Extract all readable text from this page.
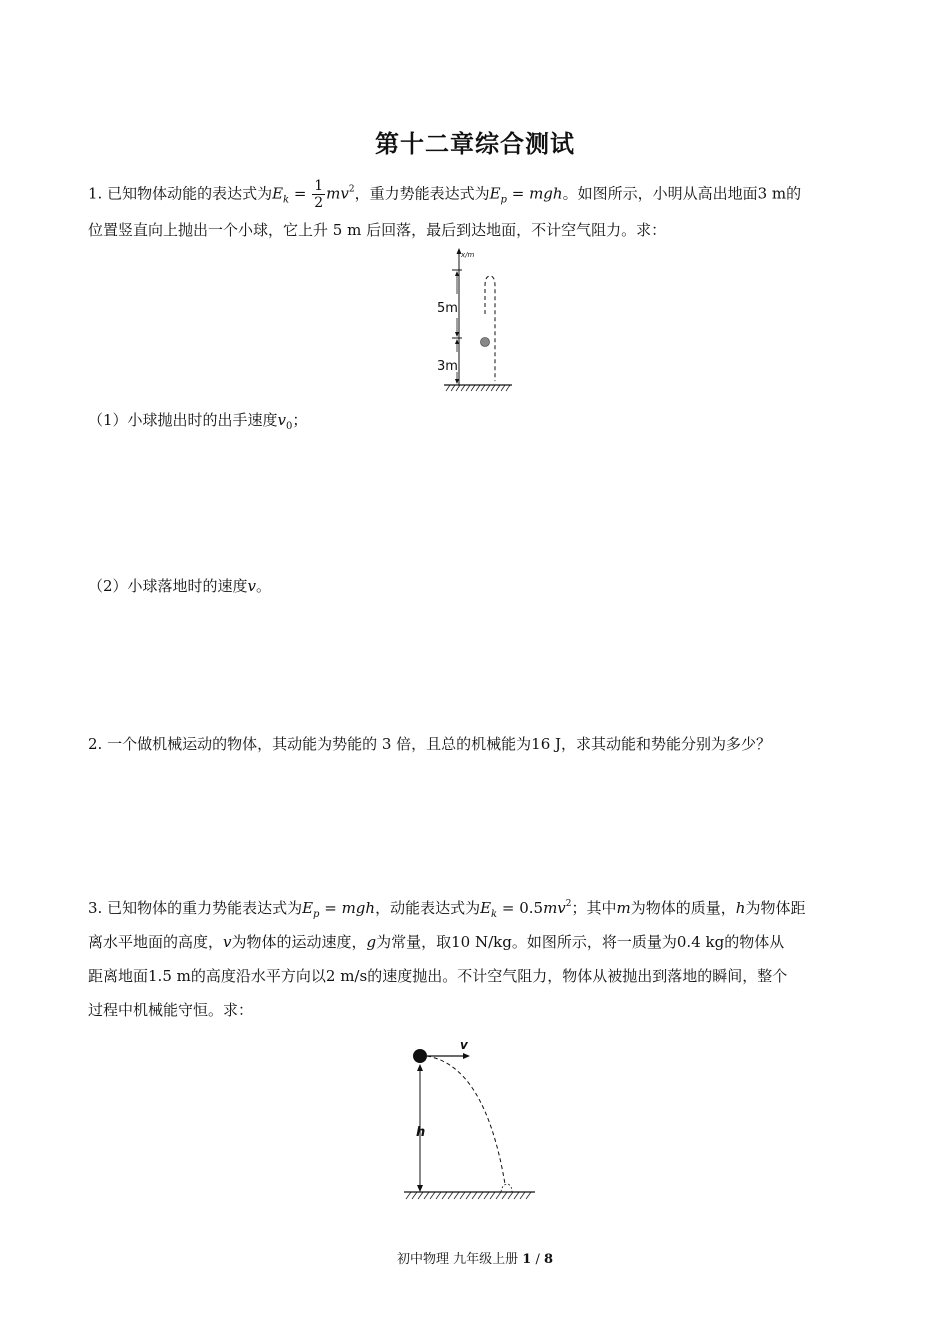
第十二章综合测试
1. 已知物体动能的表达式为$E_k = \frac{1}{2} mv^2$，重力势能表达式为$E_p$ = mgh。如图所示，小明从高出地面3 m的
位置竖直向上抛出一个小球，它上升 5 m 后回落，最后到达地面，不计空气阻力。求：
x/m
5m
3m
（1）小球抛出时的出手速度$v_0$；
（2）小球落地时的速度v。
2. 一个做机械运动的物体，其动能为势能的 3 倍，且总的机械能为16 J，求其动能和势能分别为多少？
3. 已知物体的重力势能表达式为$E_p$ = mgh，动能表达式为$E_k = 0.5mv^2$；其中m为物体的质量，h为物体距
离水平地面的高度，v为物体的运动速度，g为常量，取10 N/kg。如图所示，将一质量为0.4 kg的物体从
距离地面1.5 m的高度沿水平方向以2 m/s的速度抛出。不计空气阻力，物体从被抛出到落地的瞬间，整个
过程中机械能守恒。求：
v
h
初中物理 九年级上册 1 / 8
